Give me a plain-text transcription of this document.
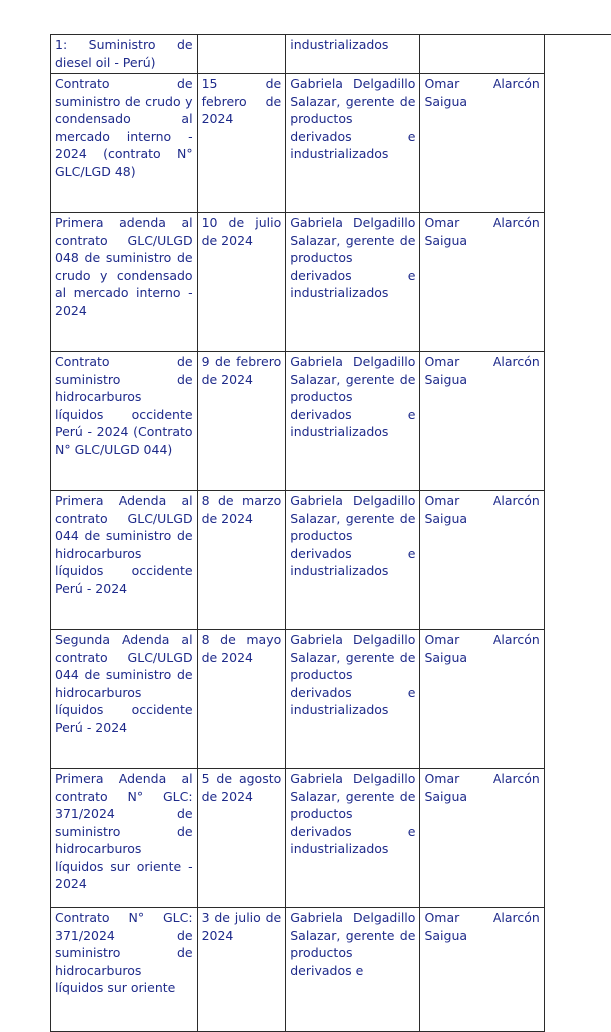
1: Suministro de diesel oil - Perú)		industrializados		

Contrato de suministro de crudo y condensado al mercado interno - 2024 (contrato N° GLC/LGD 48)	15 de febrero de 2024	Gabriela Delgadillo Salazar, gerente de productos derivados e industrializados	Omar Alarcón Saigua	

Primera adenda al contrato GLC/ULGD 048 de suministro de crudo y condensado al mercado interno - 2024	10 de julio de 2024	Gabriela Delgadillo Salazar, gerente de productos derivados e industrializados	Omar Alarcón Saigua	

Contrato de suministro de hidrocarburos líquidos occidente Perú - 2024 (Contrato N° GLC/ULGD 044)	9 de febrero de 2024	Gabriela Delgadillo Salazar, gerente de productos derivados e industrializados	Omar Alarcón Saigua	

Primera Adenda al contrato GLC/ULGD 044 de suministro de hidrocarburos líquidos occidente Perú - 2024	8 de marzo de 2024	Gabriela Delgadillo Salazar, gerente de productos derivados e industrializados	Omar Alarcón Saigua	

Segunda Adenda al contrato GLC/ULGD 044 de suministro de hidrocarburos líquidos occidente Perú - 2024	8 de mayo de 2024	Gabriela Delgadillo Salazar, gerente de productos derivados e industrializados	Omar Alarcón Saigua	

Primera Adenda al contrato N° GLC: 371/2024 de suministro de hidrocarburos líquidos sur oriente - 2024	5 de agosto de 2024	Gabriela Delgadillo Salazar, gerente de productos derivados e industrializados	Omar Alarcón Saigua	

Contrato N° GLC: 371/2024 de suministro de hidrocarburos líquidos sur oriente	3 de julio de 2024	Gabriela Delgadillo Salazar, gerente de productos derivados e	Omar Alarcón Saigua	
